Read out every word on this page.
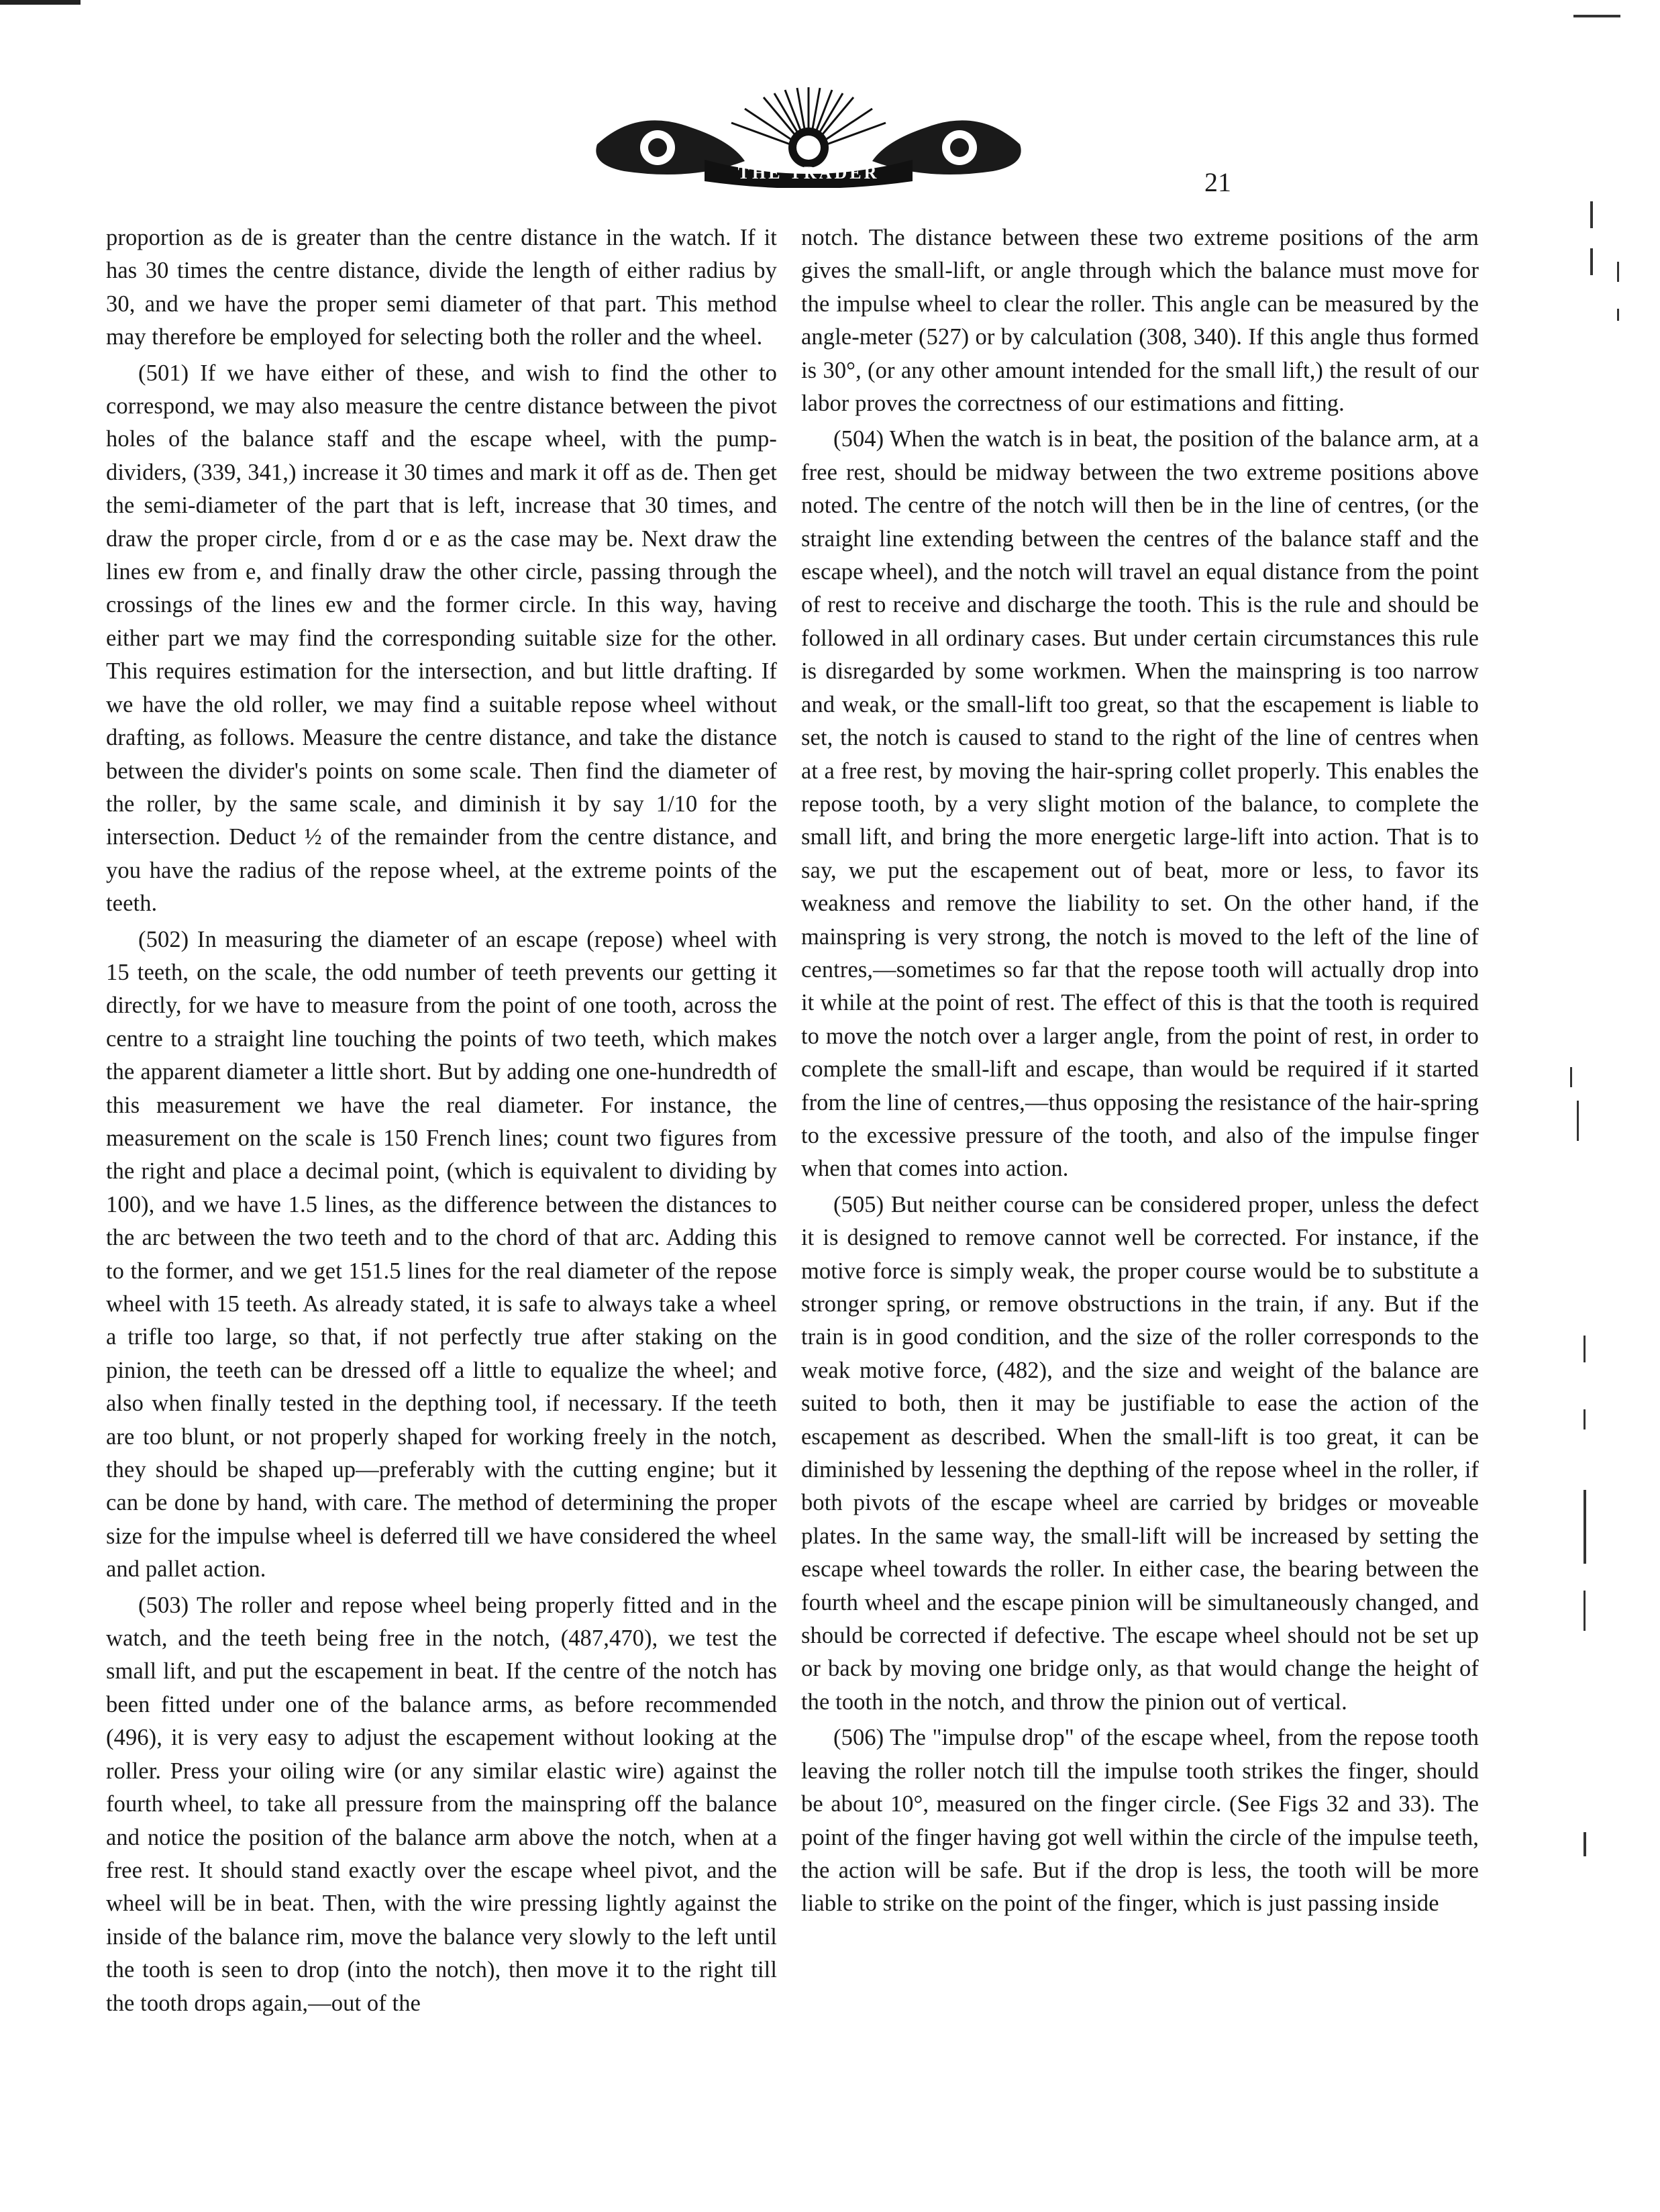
THE TRADER	21

proportion as de is greater than the centre distance in the watch. If it has 30 times the centre distance, divide the length of either radius by 30, and we have the proper semi diameter of that part. This method may therefore be employed for selecting both the roller and the wheel.

(501) If we have either of these, and wish to find the other to correspond, we may also measure the centre distance between the pivot holes of the balance staff and the escape wheel, with the pump-dividers, (339, 341,) increase it 30 times and mark it off as de. Then get the semi-diameter of the part that is left, increase that 30 times, and draw the proper circle, from d or e as the case may be. Next draw the lines ew from e, and finally draw the other circle, passing through the crossings of the lines ew and the former circle. In this way, having either part we may find the corresponding suitable size for the other. This requires estimation for the intersection, and but little drafting. If we have the old roller, we may find a suitable repose wheel without drafting, as follows. Measure the centre distance, and take the distance between the divider's points on some scale. Then find the diameter of the roller, by the same scale, and diminish it by say 1/10 for the intersection. Deduct ½ of the remainder from the centre distance, and you have the radius of the repose wheel, at the extreme points of the teeth.

(502) In measuring the diameter of an escape (repose) wheel with 15 teeth, on the scale, the odd number of teeth prevents our getting it directly, for we have to measure from the point of one tooth, across the centre to a straight line touching the points of two teeth, which makes the apparent diameter a little short. But by adding one one-hundredth of this measurement we have the real diameter. For instance, the measurement on the scale is 150 French lines; count two figures from the right and place a decimal point, (which is equivalent to dividing by 100), and we have 1.5 lines, as the difference between the distances to the arc between the two teeth and to the chord of that arc. Adding this to the former, and we get 151.5 lines for the real diameter of the repose wheel with 15 teeth. As already stated, it is safe to always take a wheel a trifle too large, so that, if not perfectly true after staking on the pinion, the teeth can be dressed off a little to equalize the wheel; and also when finally tested in the depthing tool, if necessary. If the teeth are too blunt, or not properly shaped for working freely in the notch, they should be shaped up—preferably with the cutting engine; but it can be done by hand, with care. The method of determining the proper size for the impulse wheel is deferred till we have considered the wheel and pallet action.

(503) The roller and repose wheel being properly fitted and in the watch, and the teeth being free in the notch, (487,470), we test the small lift, and put the escapement in beat. If the centre of the notch has been fitted under one of the balance arms, as before recommended (496), it is very easy to adjust the escapement without looking at the roller. Press your oiling wire (or any similar elastic wire) against the fourth wheel, to take all pressure from the mainspring off the balance and notice the position of the balance arm above the notch, when at a free rest. It should stand exactly over the escape wheel pivot, and the wheel will be in beat. Then, with the wire pressing lightly against the inside of the balance rim, move the balance very slowly to the left until the tooth is seen to drop (into the notch), then move it to the right till the tooth drops again,—out of the

notch. The distance between these two extreme positions of the arm gives the small-lift, or angle through which the balance must move for the impulse wheel to clear the roller. This angle can be measured by the angle-meter (527) or by calculation (308, 340). If this angle thus formed is 30°, (or any other amount intended for the small lift,) the result of our labor proves the correctness of our estimations and fitting.

(504) When the watch is in beat, the position of the balance arm, at a free rest, should be midway between the two extreme positions above noted. The centre of the notch will then be in the line of centres, (or the straight line extending between the centres of the balance staff and the escape wheel), and the notch will travel an equal distance from the point of rest to receive and discharge the tooth. This is the rule and should be followed in all ordinary cases. But under certain circumstances this rule is disregarded by some workmen. When the mainspring is too narrow and weak, or the small-lift too great, so that the escapement is liable to set, the notch is caused to stand to the right of the line of centres when at a free rest, by moving the hair-spring collet properly. This enables the repose tooth, by a very slight motion of the balance, to complete the small lift, and bring the more energetic large-lift into action. That is to say, we put the escapement out of beat, more or less, to favor its weakness and remove the liability to set. On the other hand, if the mainspring is very strong, the notch is moved to the left of the line of centres,—sometimes so far that the repose tooth will actually drop into it while at the point of rest. The effect of this is that the tooth is required to move the notch over a larger angle, from the point of rest, in order to complete the small-lift and escape, than would be required if it started from the line of centres,—thus opposing the resistance of the hair-spring to the excessive pressure of the tooth, and also of the impulse finger when that comes into action.

(505) But neither course can be considered proper, unless the defect it is designed to remove cannot well be corrected. For instance, if the motive force is simply weak, the proper course would be to substitute a stronger spring, or remove obstructions in the train, if any. But if the train is in good condition, and the size of the roller corresponds to the weak motive force, (482), and the size and weight of the balance are suited to both, then it may be justifiable to ease the action of the escapement as described. When the small-lift is too great, it can be diminished by lessening the depthing of the repose wheel in the roller, if both pivots of the escape wheel are carried by bridges or moveable plates. In the same way, the small-lift will be increased by setting the escape wheel towards the roller. In either case, the bearing between the fourth wheel and the escape pinion will be simultaneously changed, and should be corrected if defective. The escape wheel should not be set up or back by moving one bridge only, as that would change the height of the tooth in the notch, and throw the pinion out of vertical.

(506) The "impulse drop" of the escape wheel, from the repose tooth leaving the roller notch till the impulse tooth strikes the finger, should be about 10°, measured on the finger circle. (See Figs 32 and 33). The point of the finger having got well within the circle of the impulse teeth, the action will be safe. But if the drop is less, the tooth will be more liable to strike on the point of the finger, which is just passing inside
